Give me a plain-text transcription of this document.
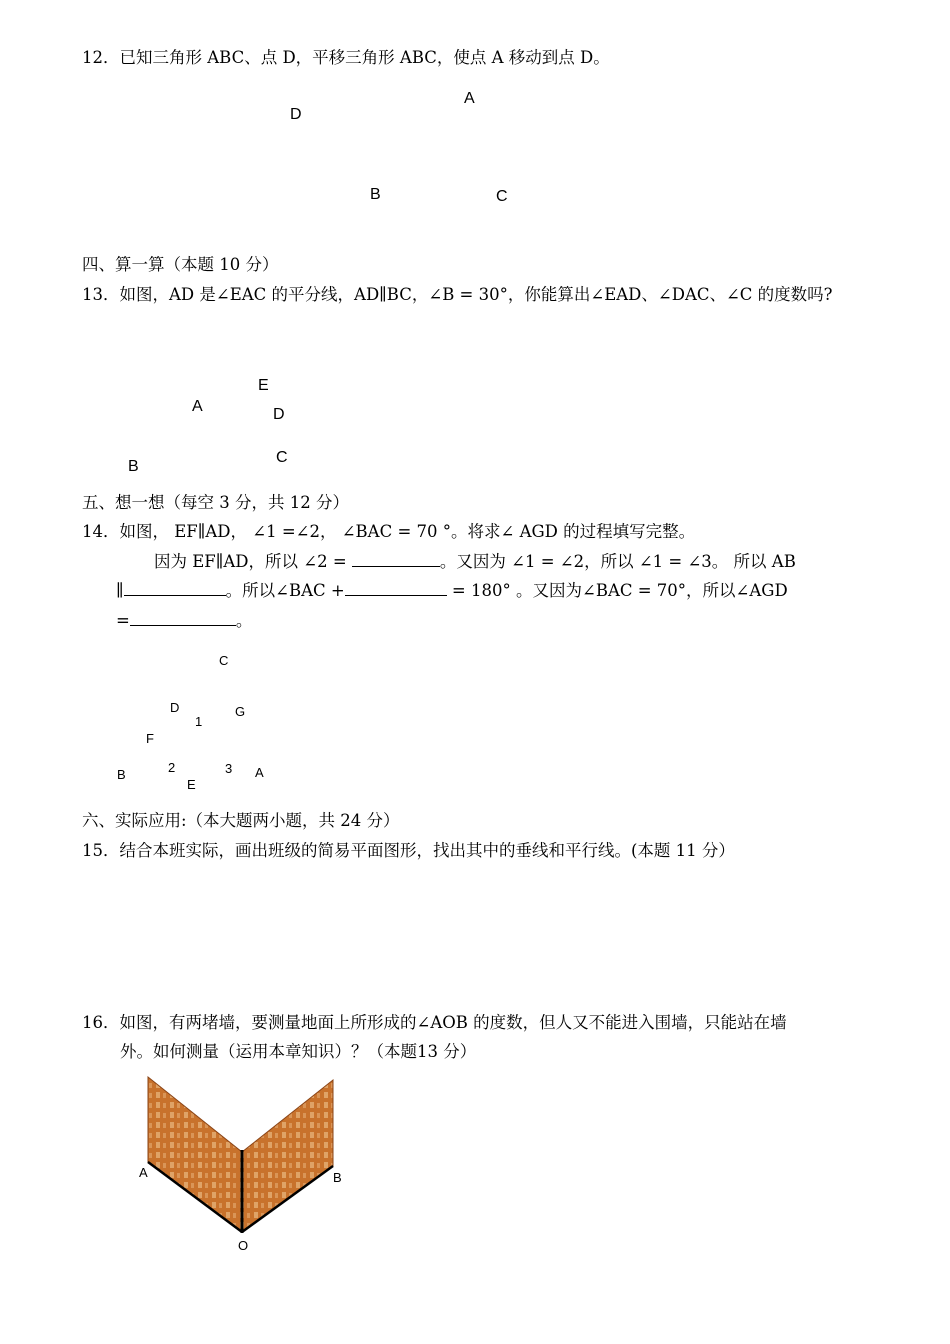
12．已知三角形 ABC、点 D，平移三角形 ABC，使点 A 移动到点 D。
D
A
B	C
四、算一算（本题 10 分）
13．如图，AD 是∠EAC 的平分线，AD∥BC，∠B = 30°，你能算出∠EAD、∠DAC、∠C 的度数吗?
E
A	D
C
B
五、想一想（每空 3 分，共 12 分）
14．如图， EF∥AD， ∠1 =∠2， ∠BAC = 70 °。将求∠ AGD 的过程填写完整。
因为 EF∥AD，所以 ∠2 =	。又因为 ∠1 = ∠2，所以 ∠1 = ∠3。 所以 AB
∥	。所以∠BAC +	= 180° 。又因为∠BAC = 70°，所以∠AGD
=	。
C
D
1
G
F
B	2
E
3 A
六、实际应用:（本大题两小题，共 24 分）
15．结合本班实际，画出班级的简易平面图形，找出其中的垂线和平行线。(本题 11 分）
16．如图，有两堵墙，要测量地面上所形成的∠AOB 的度数，但人又不能进入围墙，只能站在墙
外。如何测量（运用本章知识）？（本题13 分）
A	B
O
